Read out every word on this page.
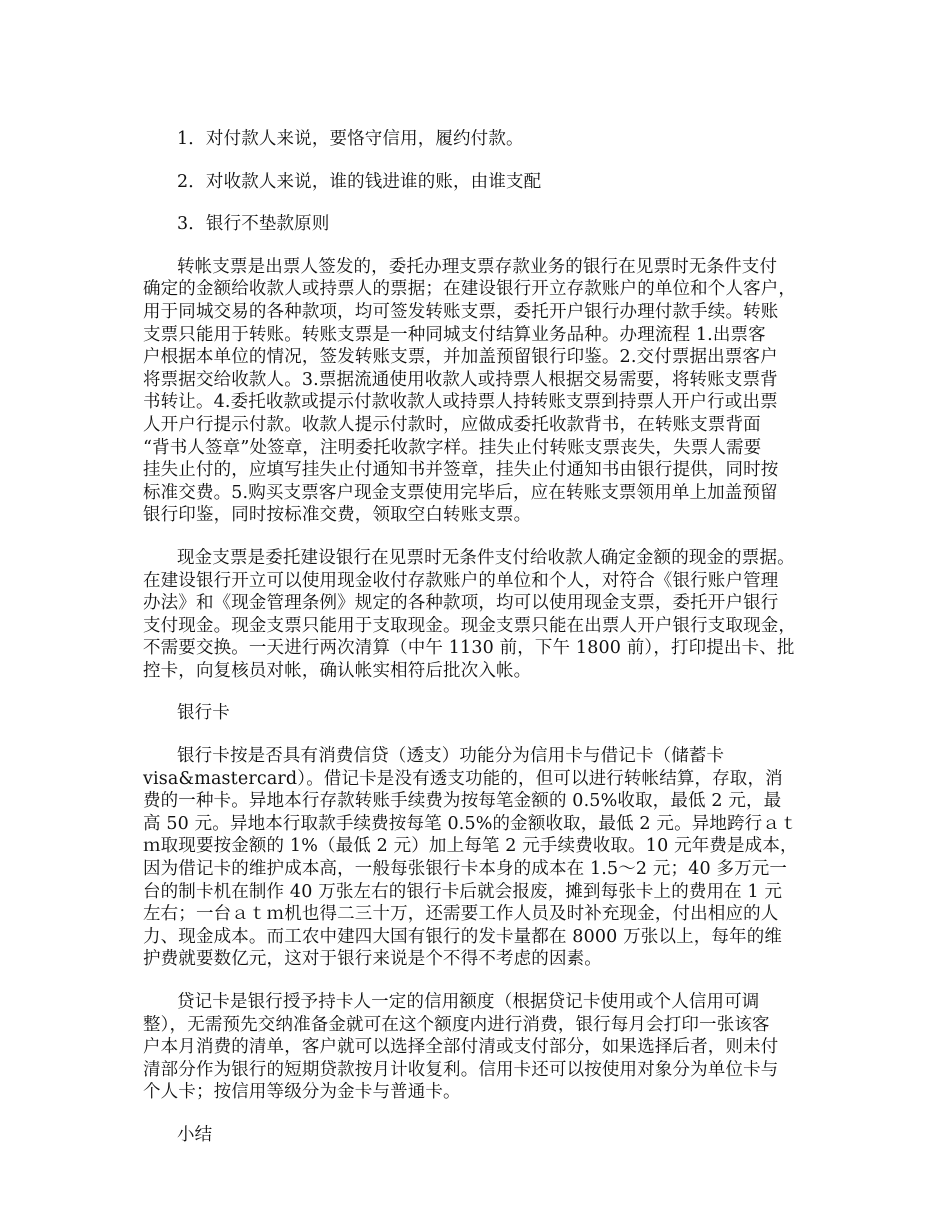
1．对付款人来说，要恪守信用，履约付款。

2．对收款人来说，谁的钱进谁的账，由谁支配

3．银行不垫款原则

转帐支票是出票人签发的，委托办理支票存款业务的银行在见票时无条件支付

确定的金额给收款人或持票人的票据；在建设银行开立存款账户的单位和个人客户，

用于同城交易的各种款项，均可签发转账支票，委托开户银行办理付款手续。转账

支票只能用于转账。转账支票是一种同城支付结算业务品种。办理流程 1.出票客

户根据本单位的情况，签发转账支票，并加盖预留银行印鉴。2.交付票据出票客户

将票据交给收款人。3.票据流通使用收款人或持票人根据交易需要，将转账支票背

书转让。4.委托收款或提示付款收款人或持票人持转账支票到持票人开户行或出票

人开户行提示付款。收款人提示付款时，应做成委托收款背书，在转账支票背面

“背书人签章”处签章，注明委托收款字样。挂失止付转账支票丧失，失票人需要

挂失止付的，应填写挂失止付通知书并签章，挂失止付通知书由银行提供，同时按

标准交费。5.购买支票客户现金支票使用完毕后，应在转账支票领用单上加盖预留

银行印鉴，同时按标准交费，领取空白转账支票。

现金支票是委托建设银行在见票时无条件支付给收款人确定金额的现金的票据。

在建设银行开立可以使用现金收付存款账户的单位和个人，对符合《银行账户管理

办法》和《现金管理条例》规定的各种款项，均可以使用现金支票，委托开户银行

支付现金。现金支票只能用于支取现金。现金支票只能在出票人开户银行支取现金，

不需要交换。一天进行两次清算（中午 1130 前，下午 1800 前），打印提出卡、批

控卡，向复核员对帐，确认帐实相符后批次入帐。

银行卡

银行卡按是否具有消费信贷（透支）功能分为信用卡与借记卡（储蓄卡

visa&mastercard）。借记卡是没有透支功能的，但可以进行转帐结算，存取，消

费的一种卡。异地本行存款转账手续费为按每笔金额的 0.5%收取，最低 2 元，最

高 50 元。异地本行取款手续费按每笔 0.5%的金额收取，最低 2 元。异地跨行ａｔ

ｍ取现要按金额的 1%（最低 2 元）加上每笔 2 元手续费收取。10 元年费是成本，

因为借记卡的维护成本高，一般每张银行卡本身的成本在 1.5～2 元；40 多万元一

台的制卡机在制作 40 万张左右的银行卡后就会报废，摊到每张卡上的费用在 1 元

左右；一台ａｔｍ机也得二三十万，还需要工作人员及时补充现金，付出相应的人

力、现金成本。而工农中建四大国有银行的发卡量都在 8000 万张以上，每年的维

护费就要数亿元，这对于银行来说是个不得不考虑的因素。

贷记卡是银行授予持卡人一定的信用额度（根据贷记卡使用或个人信用可调

整），无需预先交纳准备金就可在这个额度内进行消费，银行每月会打印一张该客

户本月消费的清单，客户就可以选择全部付清或支付部分，如果选择后者，则未付

清部分作为银行的短期贷款按月计收复利。信用卡还可以按使用对象分为单位卡与

个人卡；按信用等级分为金卡与普通卡。

小结
